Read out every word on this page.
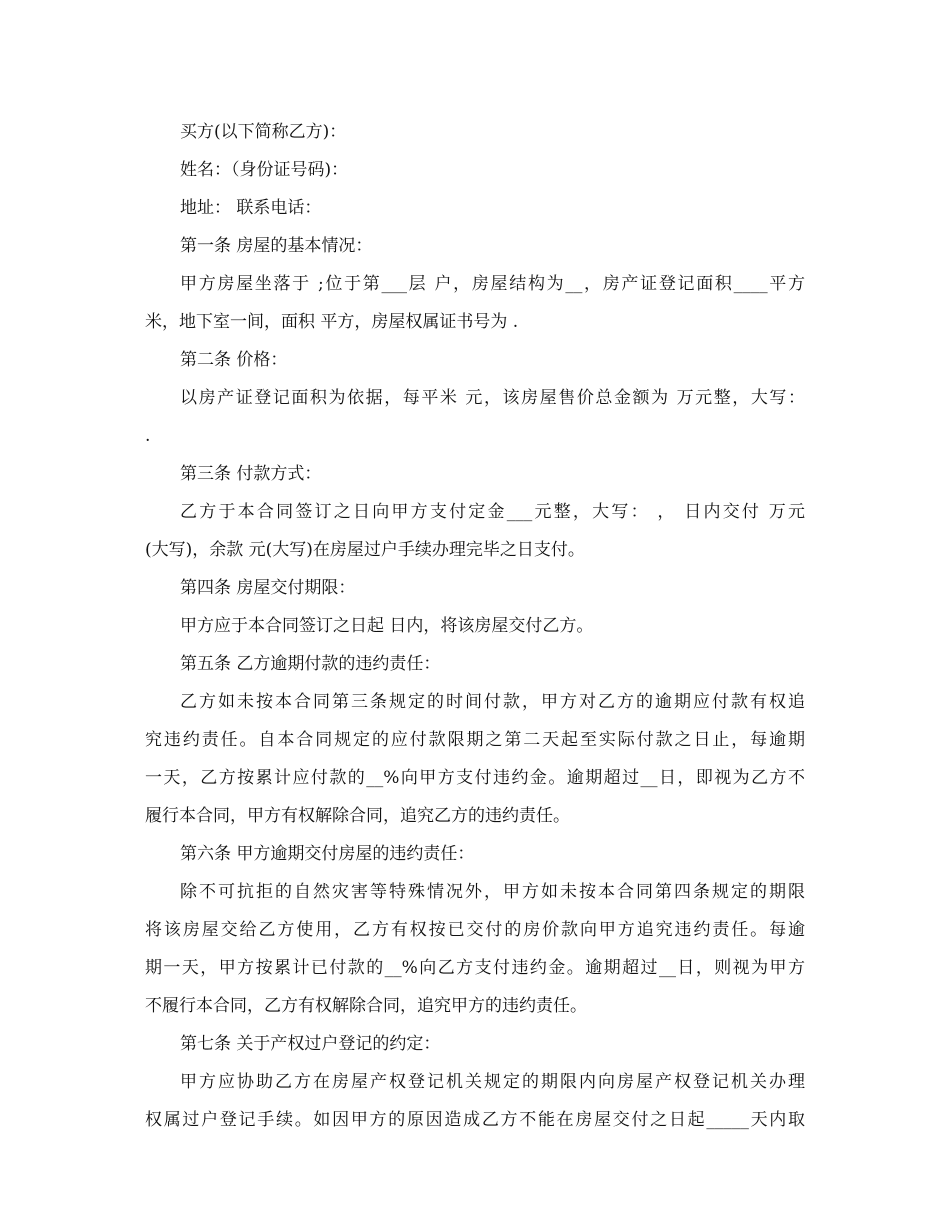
买方(以下简称乙方)：
姓名：（身份证号码)：
地址： 联系电话：
第一条 房屋的基本情况：
甲方房屋坐落于 ;位于第___层 户，房屋结构为__，房产证登记面积____平方
米，地下室一间，面积 平方，房屋权属证书号为 .
第二条 价格：
以房产证登记面积为依据，每平米 元，该房屋售价总金额为 万元整，大写：
.
第三条 付款方式：
乙方于本合同签订之日向甲方支付定金___元整，大写： ， 日内交付 万元
(大写)，余款 元(大写)在房屋过户手续办理完毕之日支付。
第四条 房屋交付期限：
甲方应于本合同签订之日起 日内，将该房屋交付乙方。
第五条 乙方逾期付款的违约责任：
乙方如未按本合同第三条规定的时间付款，甲方对乙方的逾期应付款有权追
究违约责任。自本合同规定的应付款限期之第二天起至实际付款之日止，每逾期
一天，乙方按累计应付款的__%向甲方支付违约金。逾期超过__日，即视为乙方不
履行本合同，甲方有权解除合同，追究乙方的违约责任。
第六条 甲方逾期交付房屋的违约责任：
除不可抗拒的自然灾害等特殊情况外，甲方如未按本合同第四条规定的期限
将该房屋交给乙方使用，乙方有权按已交付的房价款向甲方追究违约责任。每逾
期一天，甲方按累计已付款的__%向乙方支付违约金。逾期超过__日，则视为甲方
不履行本合同，乙方有权解除合同，追究甲方的违约责任。
第七条 关于产权过户登记的约定：
甲方应协助乙方在房屋产权登记机关规定的期限内向房屋产权登记机关办理
权属过户登记手续。如因甲方的原因造成乙方不能在房屋交付之日起_____天内取
